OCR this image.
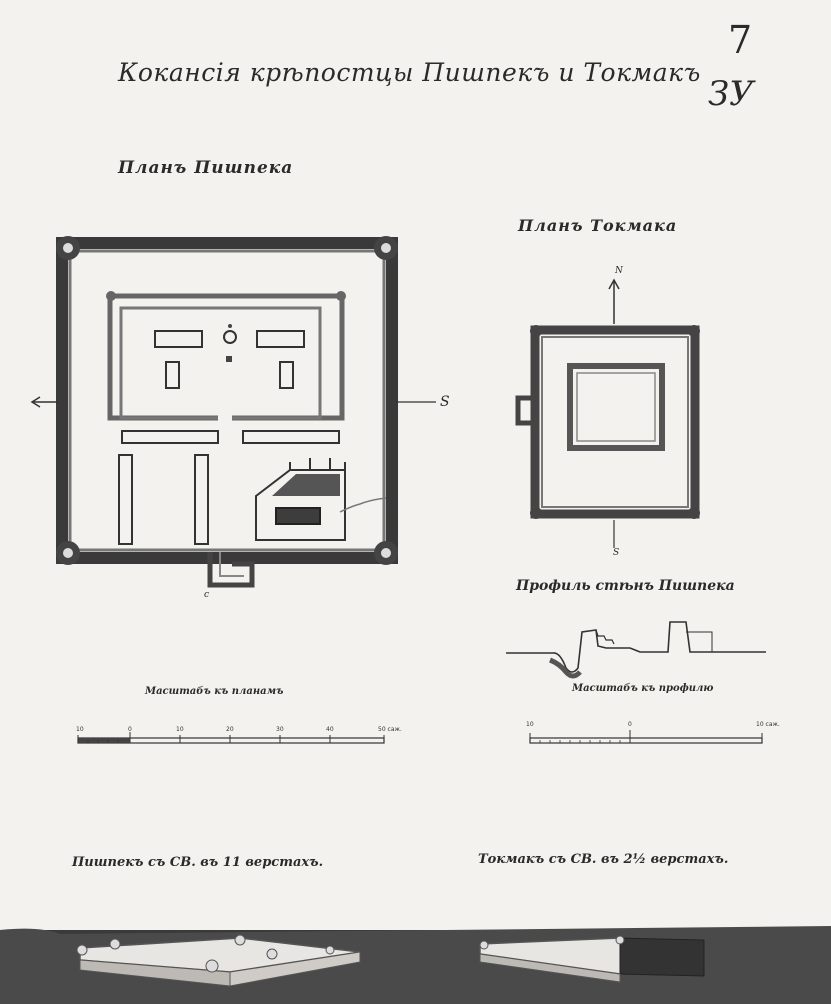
Кокансія крѣпостцы Пишпекъ и Токмакъ
7
ЗУ
Планъ Пишпека
S
с
Планъ Токмака
N
S
Профиль стѣнъ Пишпека
Масштабъ къ планамъ
10	0	10	20	30	40	50 саж.
Масштабъ къ профилю
10	0	10 саж.
Пишпекъ съ СВ. въ 11 верстахъ.	Токмакъ съ СВ. въ 2½ верстахъ.
